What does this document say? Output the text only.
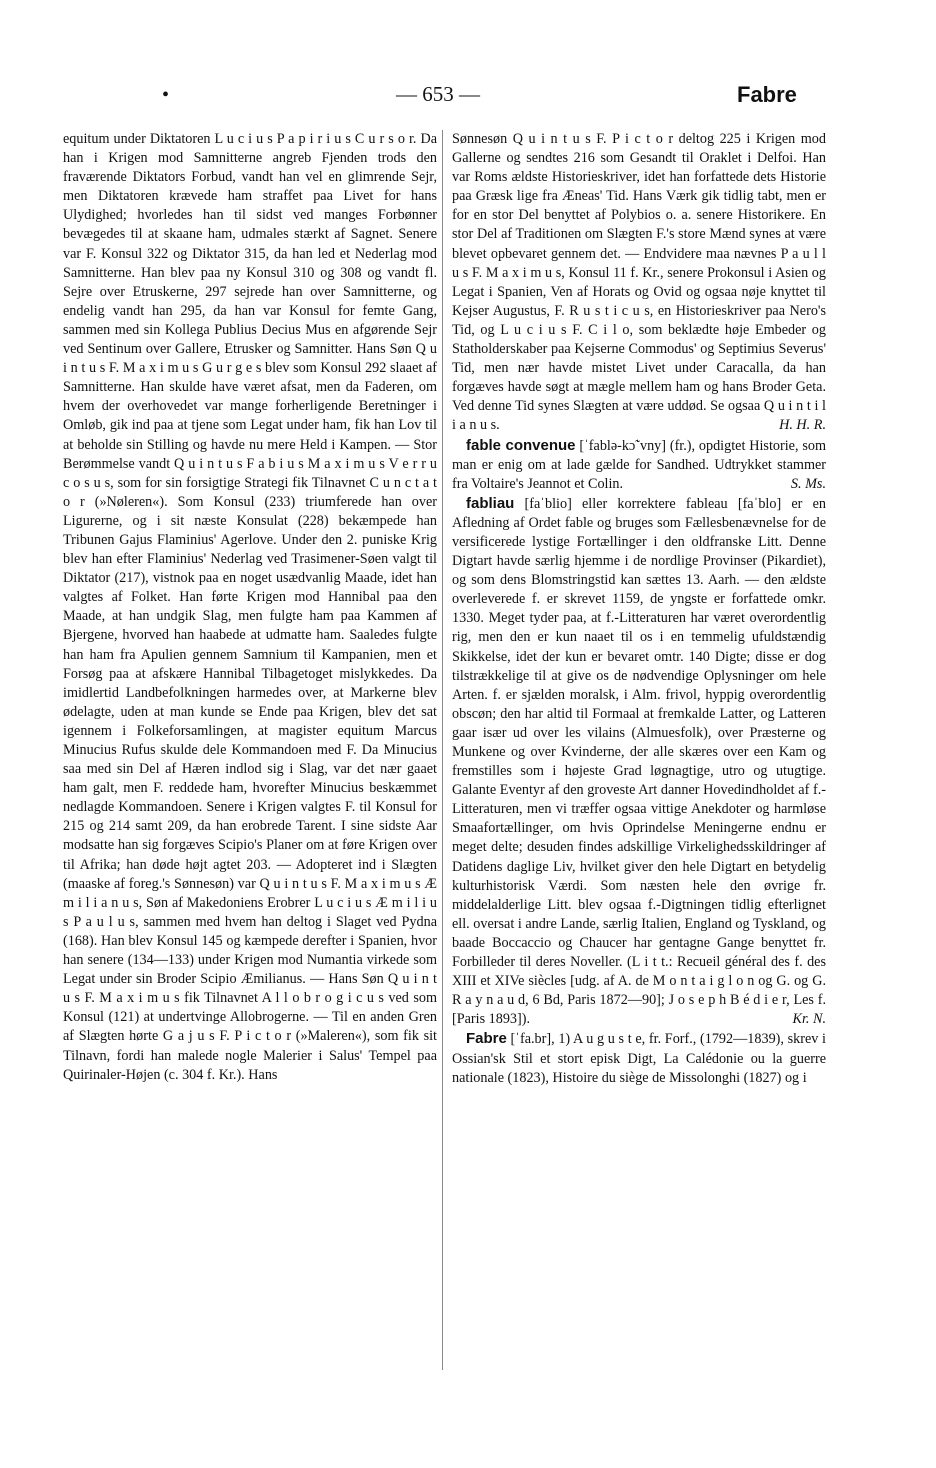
•	— 653 —	Fabre

equitum under Diktatoren L u c i u s P a p i r i u s C u r s o r. Da han i Krigen mod Samnitterne angreb Fjenden trods den fraværende Diktators Forbud, vandt han vel en glimrende Sejr, men Diktatoren krævede ham straffet paa Livet for hans Ulydighed; hvorledes han til sidst ved manges Forbønner bevægedes til at skaane ham, udmales stærkt af Sagnet. Senere var F. Konsul 322 og Diktator 315, da han led et Nederlag mod Samnitterne. Han blev paa ny Konsul 310 og 308 og vandt fl. Sejre over Etruskerne, 297 sejrede han over Samnitterne, og endelig vandt han 295, da han var Konsul for femte Gang, sammen med sin Kollega Publius Decius Mus en afgørende Sejr ved Sentinum over Gallere, Etrusker og Samnitter. Hans Søn Q u i n t u s F. M a x i m u s G u r g e s blev som Konsul 292 slaaet af Samnitterne. Han skulde have været afsat, men da Faderen, om hvem der overhovedet var mange forherligende Beretninger i Omløb, gik ind paa at tjene som Legat under ham, fik han Lov til at beholde sin Stilling og havde nu mere Held i Kampen. — Stor Berømmelse vandt Q u i n t u s F a b i u s M a x i m u s V e r r u c o s u s, som for sin forsigtige Strategi fik Tilnavnet C u n c t a t o r (»Nøleren«). Som Konsul (233) triumferede han over Ligurerne, og i sit næste Konsulat (228) bekæmpede han Tribunen Gajus Flaminius' Agerlove. Under den 2. puniske Krig blev han efter Flaminius' Nederlag ved Trasimener-Søen valgt til Diktator (217), vistnok paa en noget usædvanlig Maade, idet han valgtes af Folket. Han førte Krigen mod Hannibal paa den Maade, at han undgik Slag, men fulgte ham paa Kammen af Bjergene, hvorved han haabede at udmatte ham. Saaledes fulgte han ham fra Apulien gennem Samnium til Kampanien, men et Forsøg paa at afskære Hannibal Tilbagetoget mislykkedes. Da imidlertid Landbefolkningen harmedes over, at Markerne blev ødelagte, uden at man kunde se Ende paa Krigen, blev det sat igennem i Folkeforsamlingen, at magister equitum Marcus Minucius Rufus skulde dele Kommandoen med F. Da Minucius saa med sin Del af Hæren indlod sig i Slag, var det nær gaaet ham galt, men F. reddede ham, hvorefter Minucius beskæmmet nedlagde Kommandoen. Senere i Krigen valgtes F. til Konsul for 215 og 214 samt 209, da han erobrede Tarent. I sine sidste Aar modsatte han sig forgæves Scipio's Planer om at føre Krigen over til Afrika; han døde højt agtet 203. — Adopteret ind i Slægten (maaske af foreg.'s Sønnesøn) var Q u i n t u s F. M a x i m u s Æ m i l i a n u s, Søn af Makedoniens Erobrer L u c i u s Æ m i l i u s P a u l u s, sammen med hvem han deltog i Slaget ved Pydna (168). Han blev Konsul 145 og kæmpede derefter i Spanien, hvor han senere (134—133) under Krigen mod Numantia virkede som Legat under sin Broder Scipio Æmilianus. — Hans Søn Q u i n t u s F. M a x i m u s fik Tilnavnet A l l o b r o g i c u s ved som Konsul (121) at undertvinge Allobrogerne. — Til en anden Gren af Slægten hørte G a j u s F. P i c t o r (»Maleren«), som fik sit Tilnavn, fordi han malede nogle Malerier i Salus' Tempel paa Quirinaler-Højen (c. 304 f. Kr.). Hans

Sønnesøn Q u i n t u s F. P i c t o r deltog 225 i Krigen mod Gallerne og sendtes 216 som Gesandt til Oraklet i Delfoi. Han var Roms ældste Historieskriver, idet han forfattede dets Historie paa Græsk lige fra Æneas' Tid. Hans Værk gik tidlig tabt, men er for en stor Del benyttet af Polybios o. a. senere Historikere. En stor Del af Traditionen om Slægten F.'s store Mænd synes at være blevet opbevaret gennem det. — Endvidere maa nævnes P a u l l u s F. M a x i m u s, Konsul 11 f. Kr., senere Prokonsul i Asien og Legat i Spanien, Ven af Horats og Ovid og ogsaa nøje knyttet til Kejser Augustus, F. R u s t i c u s, en Historieskriver paa Nero's Tid, og L u c i u s F. C i l o, som beklædte høje Embeder og Statholderskaber paa Kejserne Commodus' og Septimius Severus' Tid, men nær havde mistet Livet under Caracalla, da han forgæves havde søgt at mægle mellem ham og hans Broder Geta. Ved denne Tid synes Slægten at være uddød. Se ogsaa Q u i n t i l i a n u s.	H. H. R.

fable convenue [ˈfablə-kɔ̃ˈvny] (fr.), opdigtet Historie, som man er enig om at lade gælde for Sandhed. Udtrykket stammer fra Voltaire's Jeannot et Colin.	S. Ms.

fabliau [faˈblio] eller korrektere fableau [faˈblo] er en Afledning af Ordet fable og bruges som Fællesbenævnelse for de versificerede lystige Fortællinger i den oldfranske Litt. Denne Digtart havde særlig hjemme i de nordlige Provinser (Pikardiet), og som dens Blomstringstid kan sættes 13. Aarh. — den ældste overleverede f. er skrevet 1159, de yngste er forfattede omkr. 1330. Meget tyder paa, at f.-Litteraturen har været overordentlig rig, men den er kun naaet til os i en temmelig ufuldstændig Skikkelse, idet der kun er bevaret omtr. 140 Digte; disse er dog tilstrækkelige til at give os de nødvendige Oplysninger om hele Arten. f. er sjælden moralsk, i Alm. frivol, hyppig overordentlig obscøn; den har altid til Formaal at fremkalde Latter, og Latteren gaar især ud over les vilains (Almuesfolk), over Præsterne og Munkene og over Kvinderne, der alle skæres over een Kam og fremstilles som i højeste Grad løgnagtige, utro og utugtige. Galante Eventyr af den groveste Art danner Hovedindholdet af f.-Litteraturen, men vi træffer ogsaa vittige Anekdoter og harmløse Smaafortællinger, om hvis Oprindelse Meningerne endnu er meget delte; desuden findes adskillige Virkelighedsskildringer af Datidens daglige Liv, hvilket giver den hele Digtart en betydelig kulturhistorisk Værdi. Som næsten hele den øvrige fr. middelalderlige Litt. blev ogsaa f.-Digtningen tidlig efterlignet ell. oversat i andre Lande, særlig Italien, England og Tyskland, og baade Boccaccio og Chaucer har gentagne Gange benyttet fr. Forbilleder til deres Noveller. (L i t t.: Recueil général des f. des XIII et XIVe siècles [udg. af A. de M o n t a i g l o n og G. og G. R a y n a u d, 6 Bd, Paris 1872—90]; J o s e p h B é d i e r, Les f. [Paris 1893]).	Kr. N.

Fabre [ˈfa.br], 1) A u g u s t e, fr. Forf., (1792—1839), skrev i Ossian'sk Stil et stort episk Digt, La Calédonie ou la guerre nationale (1823), Histoire du siège de Missolonghi (1827) og i
